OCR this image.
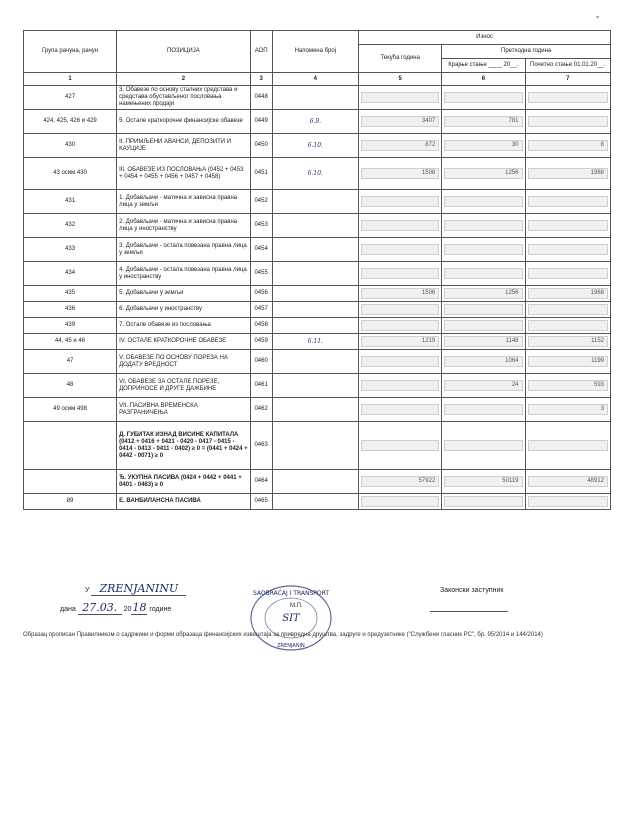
▾
Група рачуна, рачун	ПОЗИЦИЈА	АОП	Напомена број	Износ		
				Текућа година	Претходна година	
					Крајње стање ____ 20__.	Почетно стање 01.01.20__.
1	2	3	4	5	6	7
427	3. Обавезе по основу сталних средстава и средстава обустављеног пословања намењених продаји	0448		

424, 425, 426 и 429	5. Остале краткорочне финансијске обавезе	0449	6.9.	3407	781	

430	II. ПРИМЉЕНИ АВАНСИ, ДЕПОЗИТИ И КАУЦИЈЕ	0450	6.10.	872	30	8

43 осим 430	III. ОБАВЕЗЕ ИЗ ПОСЛОВАЊА (0452 + 0453 + 0454 + 0455 + 0456 + 0457 + 0458)	0451	6.10.	1508	1256	1988

431	1. Добављачи - матична и зависна правна лица у земљи	0452		

432	2. Добављачи - матична и зависна правна лица у иностранству	0453		

433	3. Добављачи - остала повезана правна лица у земљи	0454		

434	4. Добављачи - остала повезана правна лица у иностранству	0455		

435	5. Добављачи у земљи	0456		1506	1256	1968

436	6. Добављачи у иностранству	0457		

439	7. Остале обавезе из пословања	0458		

44, 45 и 46	IV. ОСТАЛЕ КРАТКОРОЧНЕ ОБАВЕЗЕ	0459	6.11.	1219	1148	1152

47	V. ОБАВЕЗЕ ПО ОСНОВУ ПОРЕЗА НА ДОДАТУ ВРЕДНОСТ	0460			1064	1199

48	VI. ОБАВЕЗЕ ЗА ОСТАЛЕ ПОРЕЗЕ, ДОПРИНОСЕ И ДРУГЕ ДАЖБИНЕ	0461			24	593

49 осим 498	VII. ПАСИВНА ВРЕМЕНСКА РАЗГРАНИЧЕЊА	0462				3

	Д. ГУБИТАК ИЗНАД ВИСИНЕ КАПИТАЛА (0412 + 0416 + 0421 - 0420 - 0417 - 0415 - 0414 - 0413 - 0411 - 0402) ≥ 0 = (0441 + 0424 + 0442 - 0071) ≥ 0	0463		

	Ђ. УКУПНА ПАСИВА (0424 + 0442 + 0441 + 0401 - 0463) ≥ 0	0464		57922	50119	48912

89	Е. ВАНБИЛАНСНА ПАСИВА	0465		

У ZRENJANINU
дана 27.03. 2018 године
SAOBRAĆAJ I TRANSPORT
SIT
ZRENJANIN
М.П.
Законски заступник
Образац прописан Правилником о садржини и форми образаца финансијских извештаја за привредна друштва, задруге и предузетнике ("Службени гласник РС", бр. 95/2014 и 144/2014)
